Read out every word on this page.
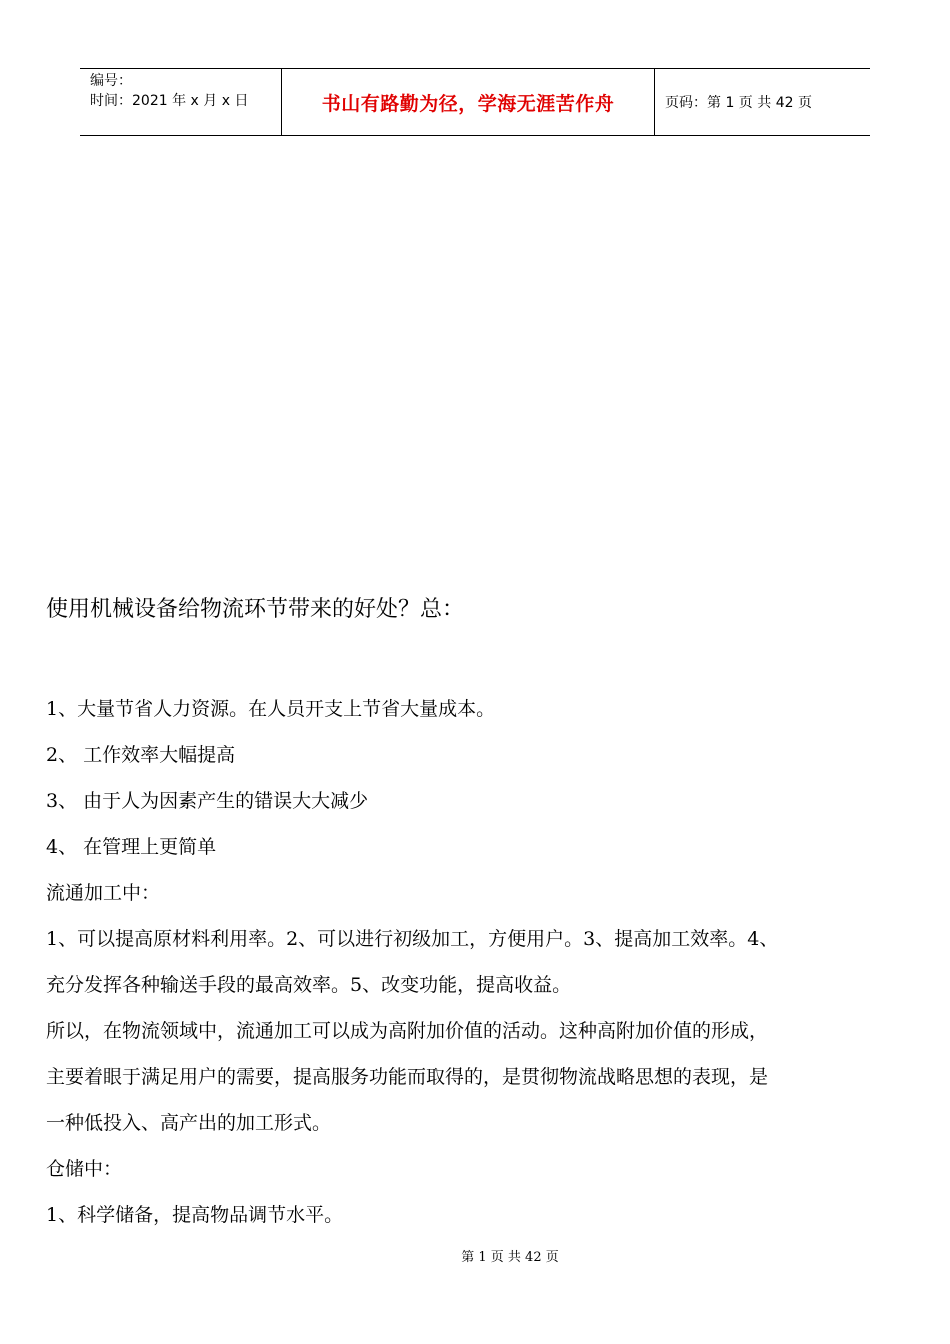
编号：
时间：2021 年 x 月 x 日	书山有路勤为径，学海无涯苦作舟	页码：第 1 页 共 42 页
使用机械设备给物流环节带来的好处？总：

1、大量节省人力资源。在人员开支上节省大量成本。

2、 工作效率大幅提高

3、 由于人为因素产生的错误大大减少

4、 在管理上更简单

流通加工中：

1、可以提高原材料利用率。2、可以进行初级加工，方便用户。3、提高加工效率。4、

充分发挥各种输送手段的最高效率。5、改变功能，提高收益。

所以，在物流领域中，流通加工可以成为高附加价值的活动。这种高附加价值的形成，

主要着眼于满足用户的需要，提高服务功能而取得的，是贯彻物流战略思想的表现，是

一种低投入、高产出的加工形式。

仓储中：

1、科学储备，提高物品调节水平。

第 1 页 共 42 页
